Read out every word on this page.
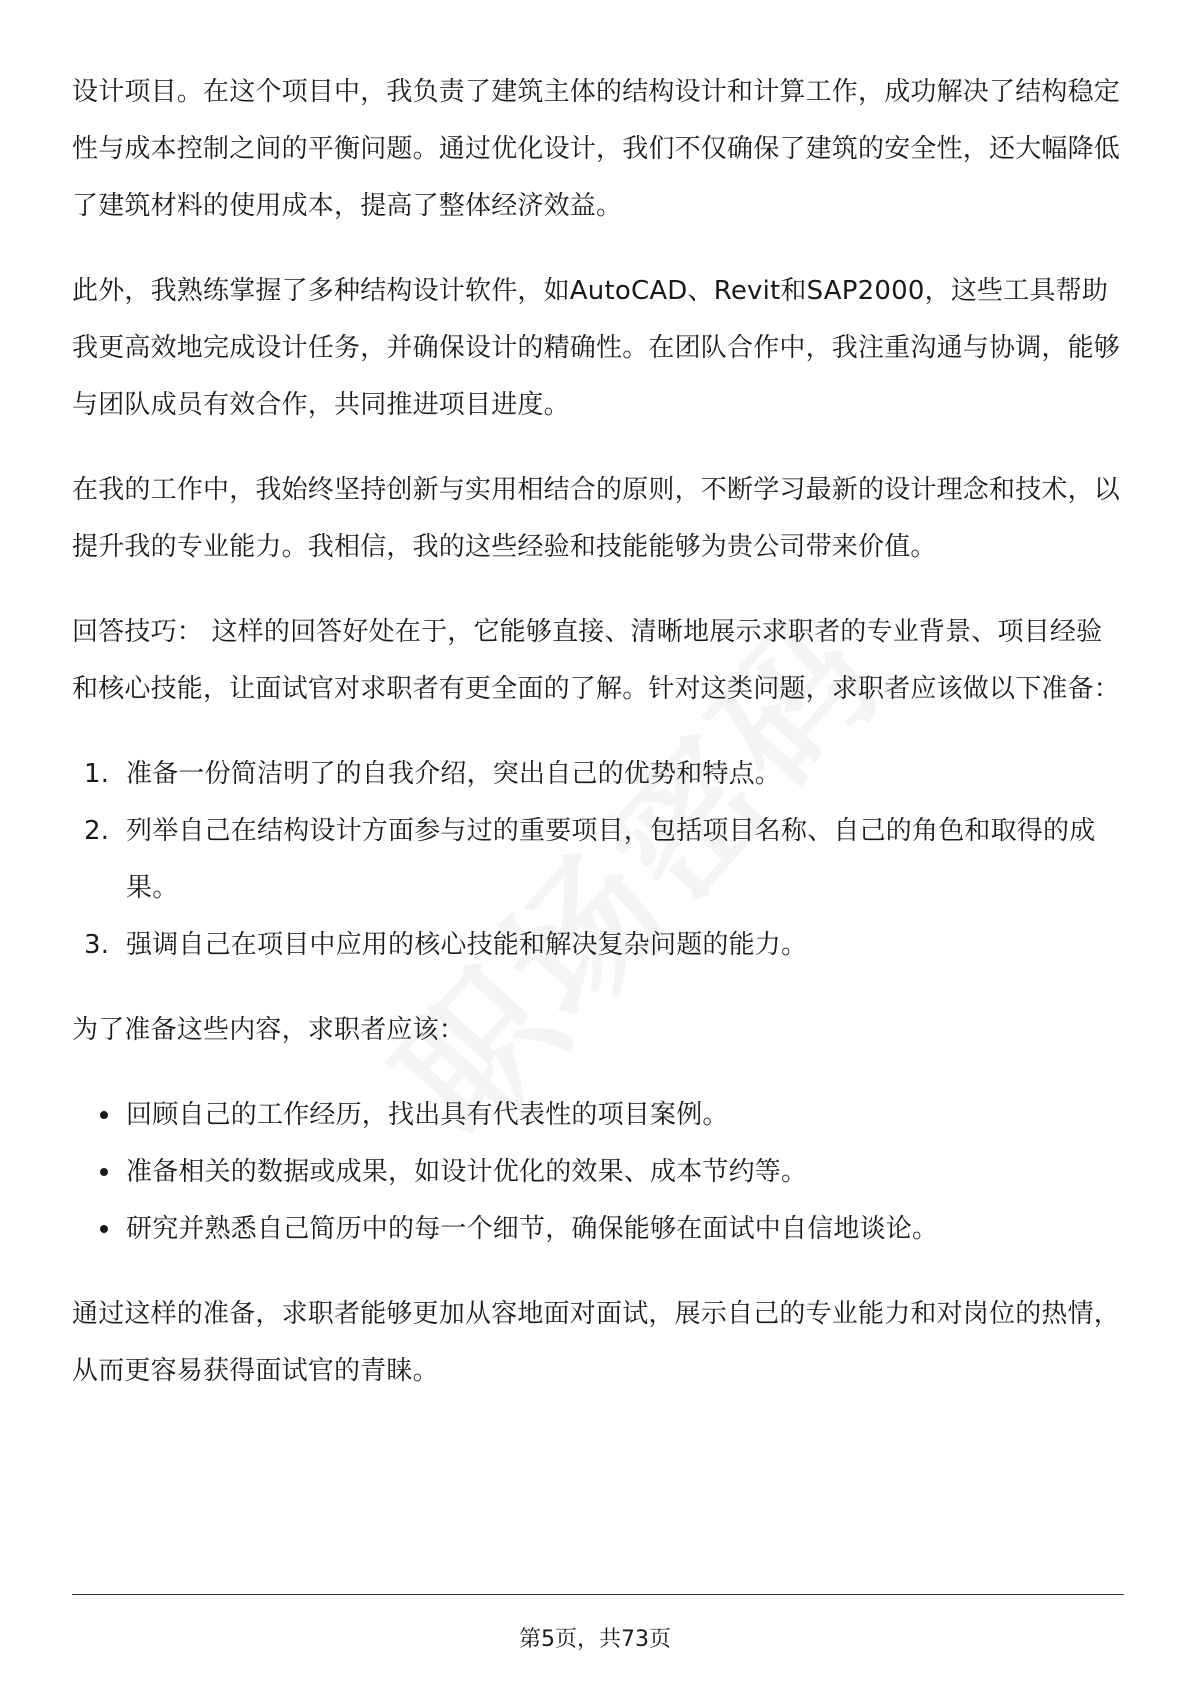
设计项目。在这个项目中，我负责了建筑主体的结构设计和计算工作，成功解决了结构稳定性与成本控制之间的平衡问题。通过优化设计，我们不仅确保了建筑的安全性，还大幅降低了建筑材料的使用成本，提高了整体经济效益。

此外，我熟练掌握了多种结构设计软件，如AutoCAD、Revit和SAP2000，这些工具帮助我更高效地完成设计任务，并确保设计的精确性。在团队合作中，我注重沟通与协调，能够与团队成员有效合作，共同推进项目进度。

在我的工作中，我始终坚持创新与实用相结合的原则，不断学习最新的设计理念和技术，以提升我的专业能力。我相信，我的这些经验和技能能够为贵公司带来价值。

回答技巧： 这样的回答好处在于，它能够直接、清晰地展示求职者的专业背景、项目经验和核心技能，让面试官对求职者有更全面的了解。针对这类问题，求职者应该做以下准备：

1. 准备一份简洁明了的自我介绍，突出自己的优势和特点。
2. 列举自己在结构设计方面参与过的重要项目，包括项目名称、自己的角色和取得的成果。
3. 强调自己在项目中应用的核心技能和解决复杂问题的能力。

为了准备这些内容，求职者应该：

回顾自己的工作经历，找出具有代表性的项目案例。
准备相关的数据或成果，如设计优化的效果、成本节约等。
研究并熟悉自己简历中的每一个细节，确保能够在面试中自信地谈论。

通过这样的准备，求职者能够更加从容地面对面试，展示自己的专业能力和对岗位的热情，从而更容易获得面试官的青睐。

第5页，共73页
